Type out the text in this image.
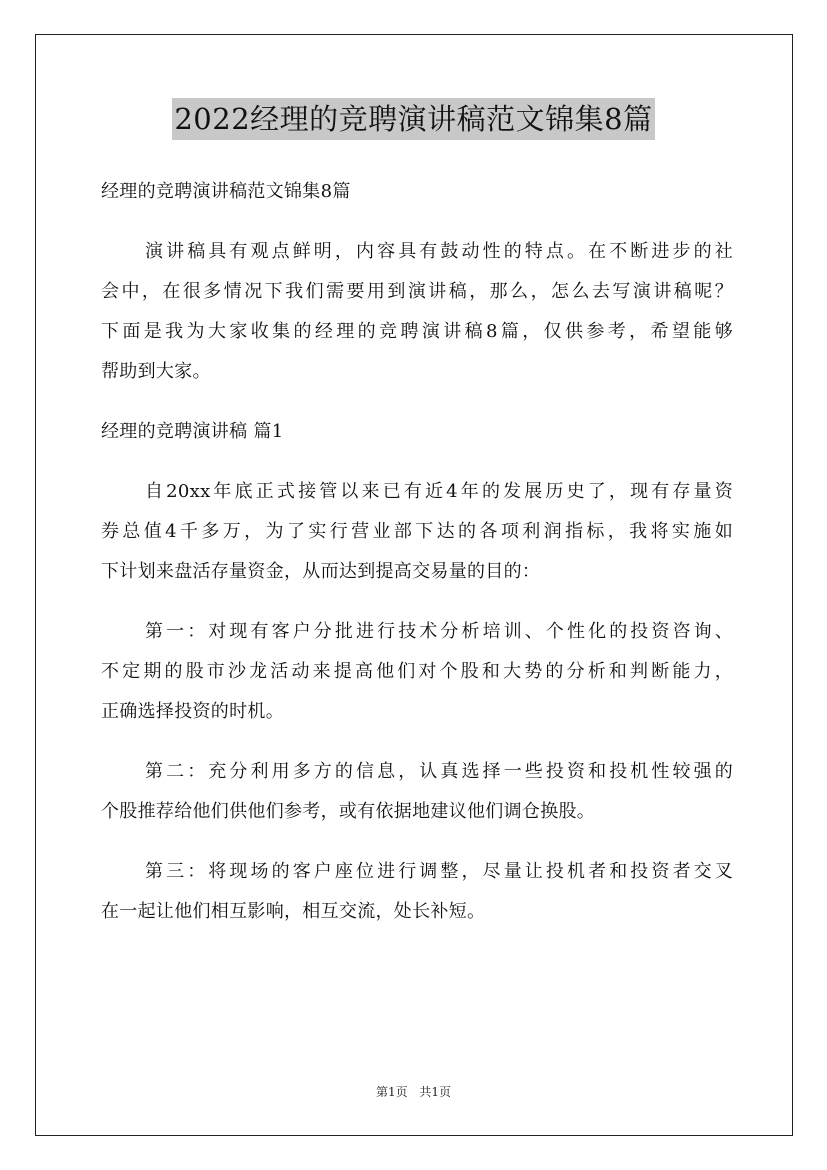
2022经理的竞聘演讲稿范文锦集8篇
经理的竞聘演讲稿范文锦集8篇
演讲稿具有观点鲜明，内容具有鼓动性的特点。在不断进步的社
会中，在很多情况下我们需要用到演讲稿，那么，怎么去写演讲稿呢？
下面是我为大家收集的经理的竞聘演讲稿8篇，仅供参考，希望能够
帮助到大家。
经理的竞聘演讲稿 篇1
自20xx年底正式接管以来已有近4年的发展历史了，现有存量资
券总值4千多万，为了实行营业部下达的各项利润指标，我将实施如
下计划来盘活存量资金，从而达到提高交易量的目的：
第一：对现有客户分批进行技术分析培训、个性化的投资咨询、
不定期的股市沙龙活动来提高他们对个股和大势的分析和判断能力，
正确选择投资的时机。
第二：充分利用多方的信息，认真选择一些投资和投机性较强的
个股推荐给他们供他们参考，或有依据地建议他们调仓换股。
第三：将现场的客户座位进行调整，尽量让投机者和投资者交叉
在一起让他们相互影响，相互交流，处长补短。
第1页 共1页
